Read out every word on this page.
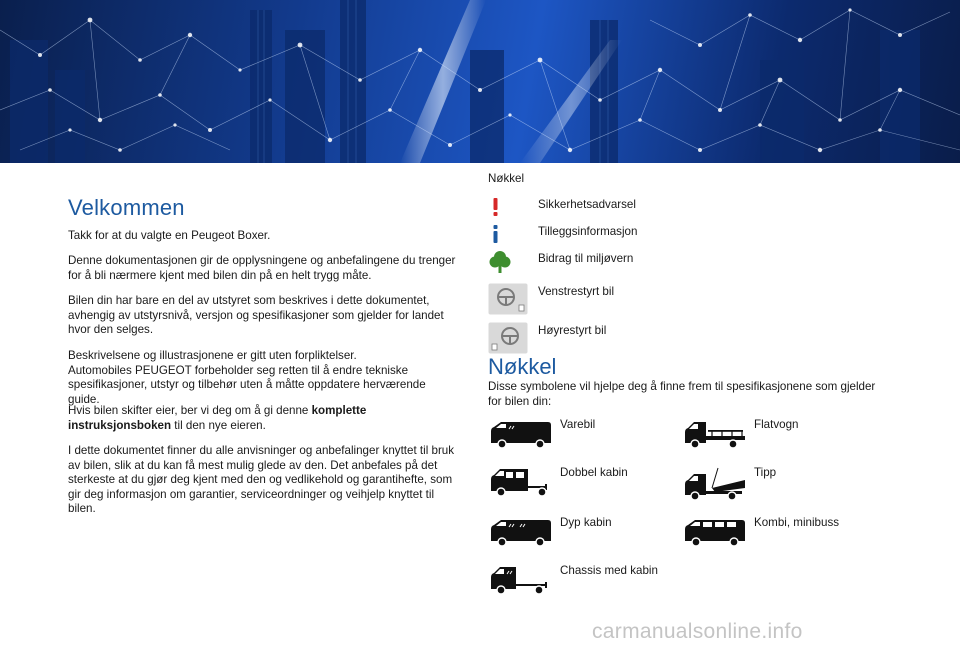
Velkommen

Takk for at du valgte en Peugeot Boxer.

Denne dokumentasjonen gir de opplysningene og anbefalingene du trenger for å bli nærmere kjent med bilen din på en helt trygg måte.

Bilen din har bare en del av utstyret som beskrives i dette dokumentet, avhengig av utstyrsnivå, versjon og spesifikasjoner som gjelder for landet hvor den selges.

Beskrivelsene og illustrasjonene er gitt uten forpliktelser.
Automobiles PEUGEOT forbeholder seg retten til å endre tekniske spesifikasjoner, utstyr og tilbehør uten å måtte oppdatere herværende guide.

Hvis bilen skifter eier, ber vi deg om å gi denne komplette instruksjonsboken til den nye eieren.

I dette dokumentet finner du alle anvisninger og anbefalinger knyttet til bruk av bilen, slik at du kan få mest mulig glede av den. Det anbefales på det sterkeste at du gjør deg kjent med den og vedlikehold og garantihefte, som gir deg informasjon om garantier, serviceordninger og veihjelp knyttet til bilen.

Nøkkel
Sikkerhetsadvarsel
Tilleggsinformasjon
Bidrag til miljøvern
Venstrestyrt bil
Høyrestyrt bil
Nøkkel

Disse symbolene vil hjelpe deg å finne frem til spesifikasjonene som gjelder for bilen din:

Varebil	Flatvogn
Dobbel kabin	Tipp
Dyp kabin	Kombi, minibuss
Chassis med kabin
carmanualsonline.info
